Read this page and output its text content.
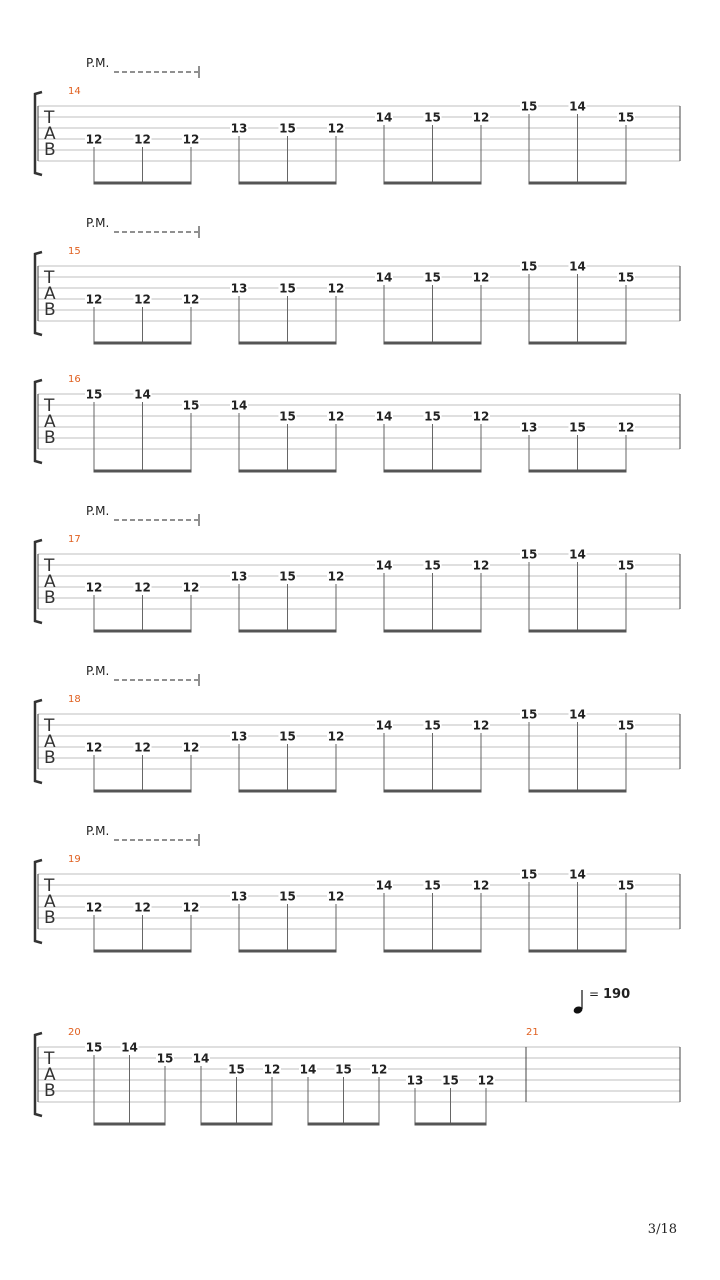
P.M.
T
A
B
14
12	12	12
13	15	12
14	15	12
15	14
15
P.M.
T
A
B
15
12	12	12
13	15	12
14	15	12
15	14
15
T
A
B
16
15	14
15	14
15	12	14	15	12
13	15	12
P.M.
T
A
B
17
12	12	12
13	15	12
14	15	12
15	14
15
P.M.
T
A
B
18
12	12	12
13	15	12
14	15	12
15	14
15
P.M.
T
A
B
19
12	12	12
13	15	12
14	15	12
15	14
15
= 190
T
A
B
20
15 14
15 14
15 12 14 15 12
13 15 12
21
3/18
